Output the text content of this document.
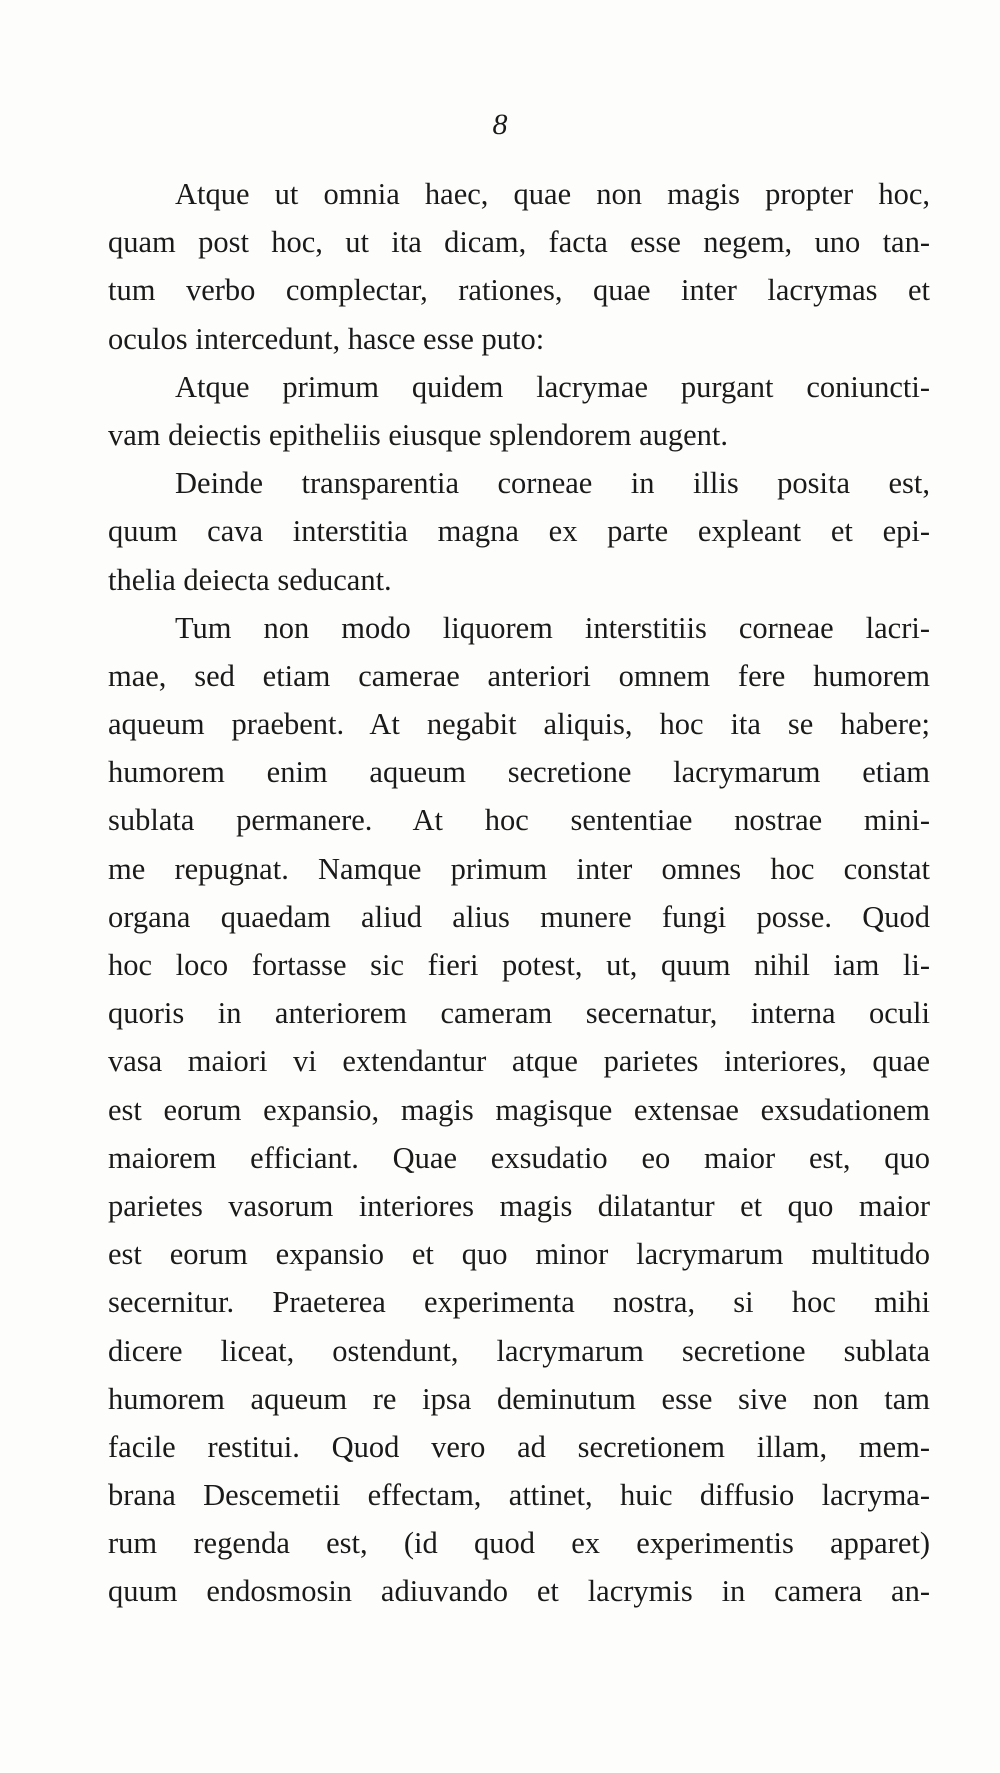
8
Atque ut omnia haec, quae non magis propter hoc,
quam post hoc, ut ita dicam, facta esse negem, uno tan-
tum verbo complectar, rationes, quae inter lacrymas et
oculos intercedunt, hasce esse puto:
Atque primum quidem lacrymae purgant coniuncti-
vam deiectis epitheliis eiusque splendorem augent.
Deinde transparentia corneae in illis posita est,
quum cava interstitia magna ex parte expleant et epi-
thelia deiecta seducant.
Tum non modo liquorem interstitiis corneae lacri-
mae, sed etiam camerae anteriori omnem fere humorem
aqueum praebent. At negabit aliquis, hoc ita se habere;
humorem enim aqueum secretione lacrymarum etiam
sublata permanere. At hoc sententiae nostrae mini-
me repugnat. Namque primum inter omnes hoc constat
organa quaedam aliud alius munere fungi posse. Quod
hoc loco fortasse sic fieri potest, ut, quum nihil iam li-
quoris in anteriorem cameram secernatur, interna oculi
vasa maiori vi extendantur atque parietes interiores, quae
est eorum expansio, magis magisque extensae exsudationem
maiorem efficiant. Quae exsudatio eo maior est, quo
parietes vasorum interiores magis dilatantur et quo maior
est eorum expansio et quo minor lacrymarum multitudo
secernitur. Praeterea experimenta nostra, si hoc mihi
dicere liceat, ostendunt, lacrymarum secretione sublata
humorem aqueum re ipsa deminutum esse sive non tam
facile restitui. Quod vero ad secretionem illam, mem-
brana Descemetii effectam, attinet, huic diffusio lacryma-
rum regenda est, (id quod ex experimentis apparet)
quum endosmosin adiuvando et lacrymis in camera an-
